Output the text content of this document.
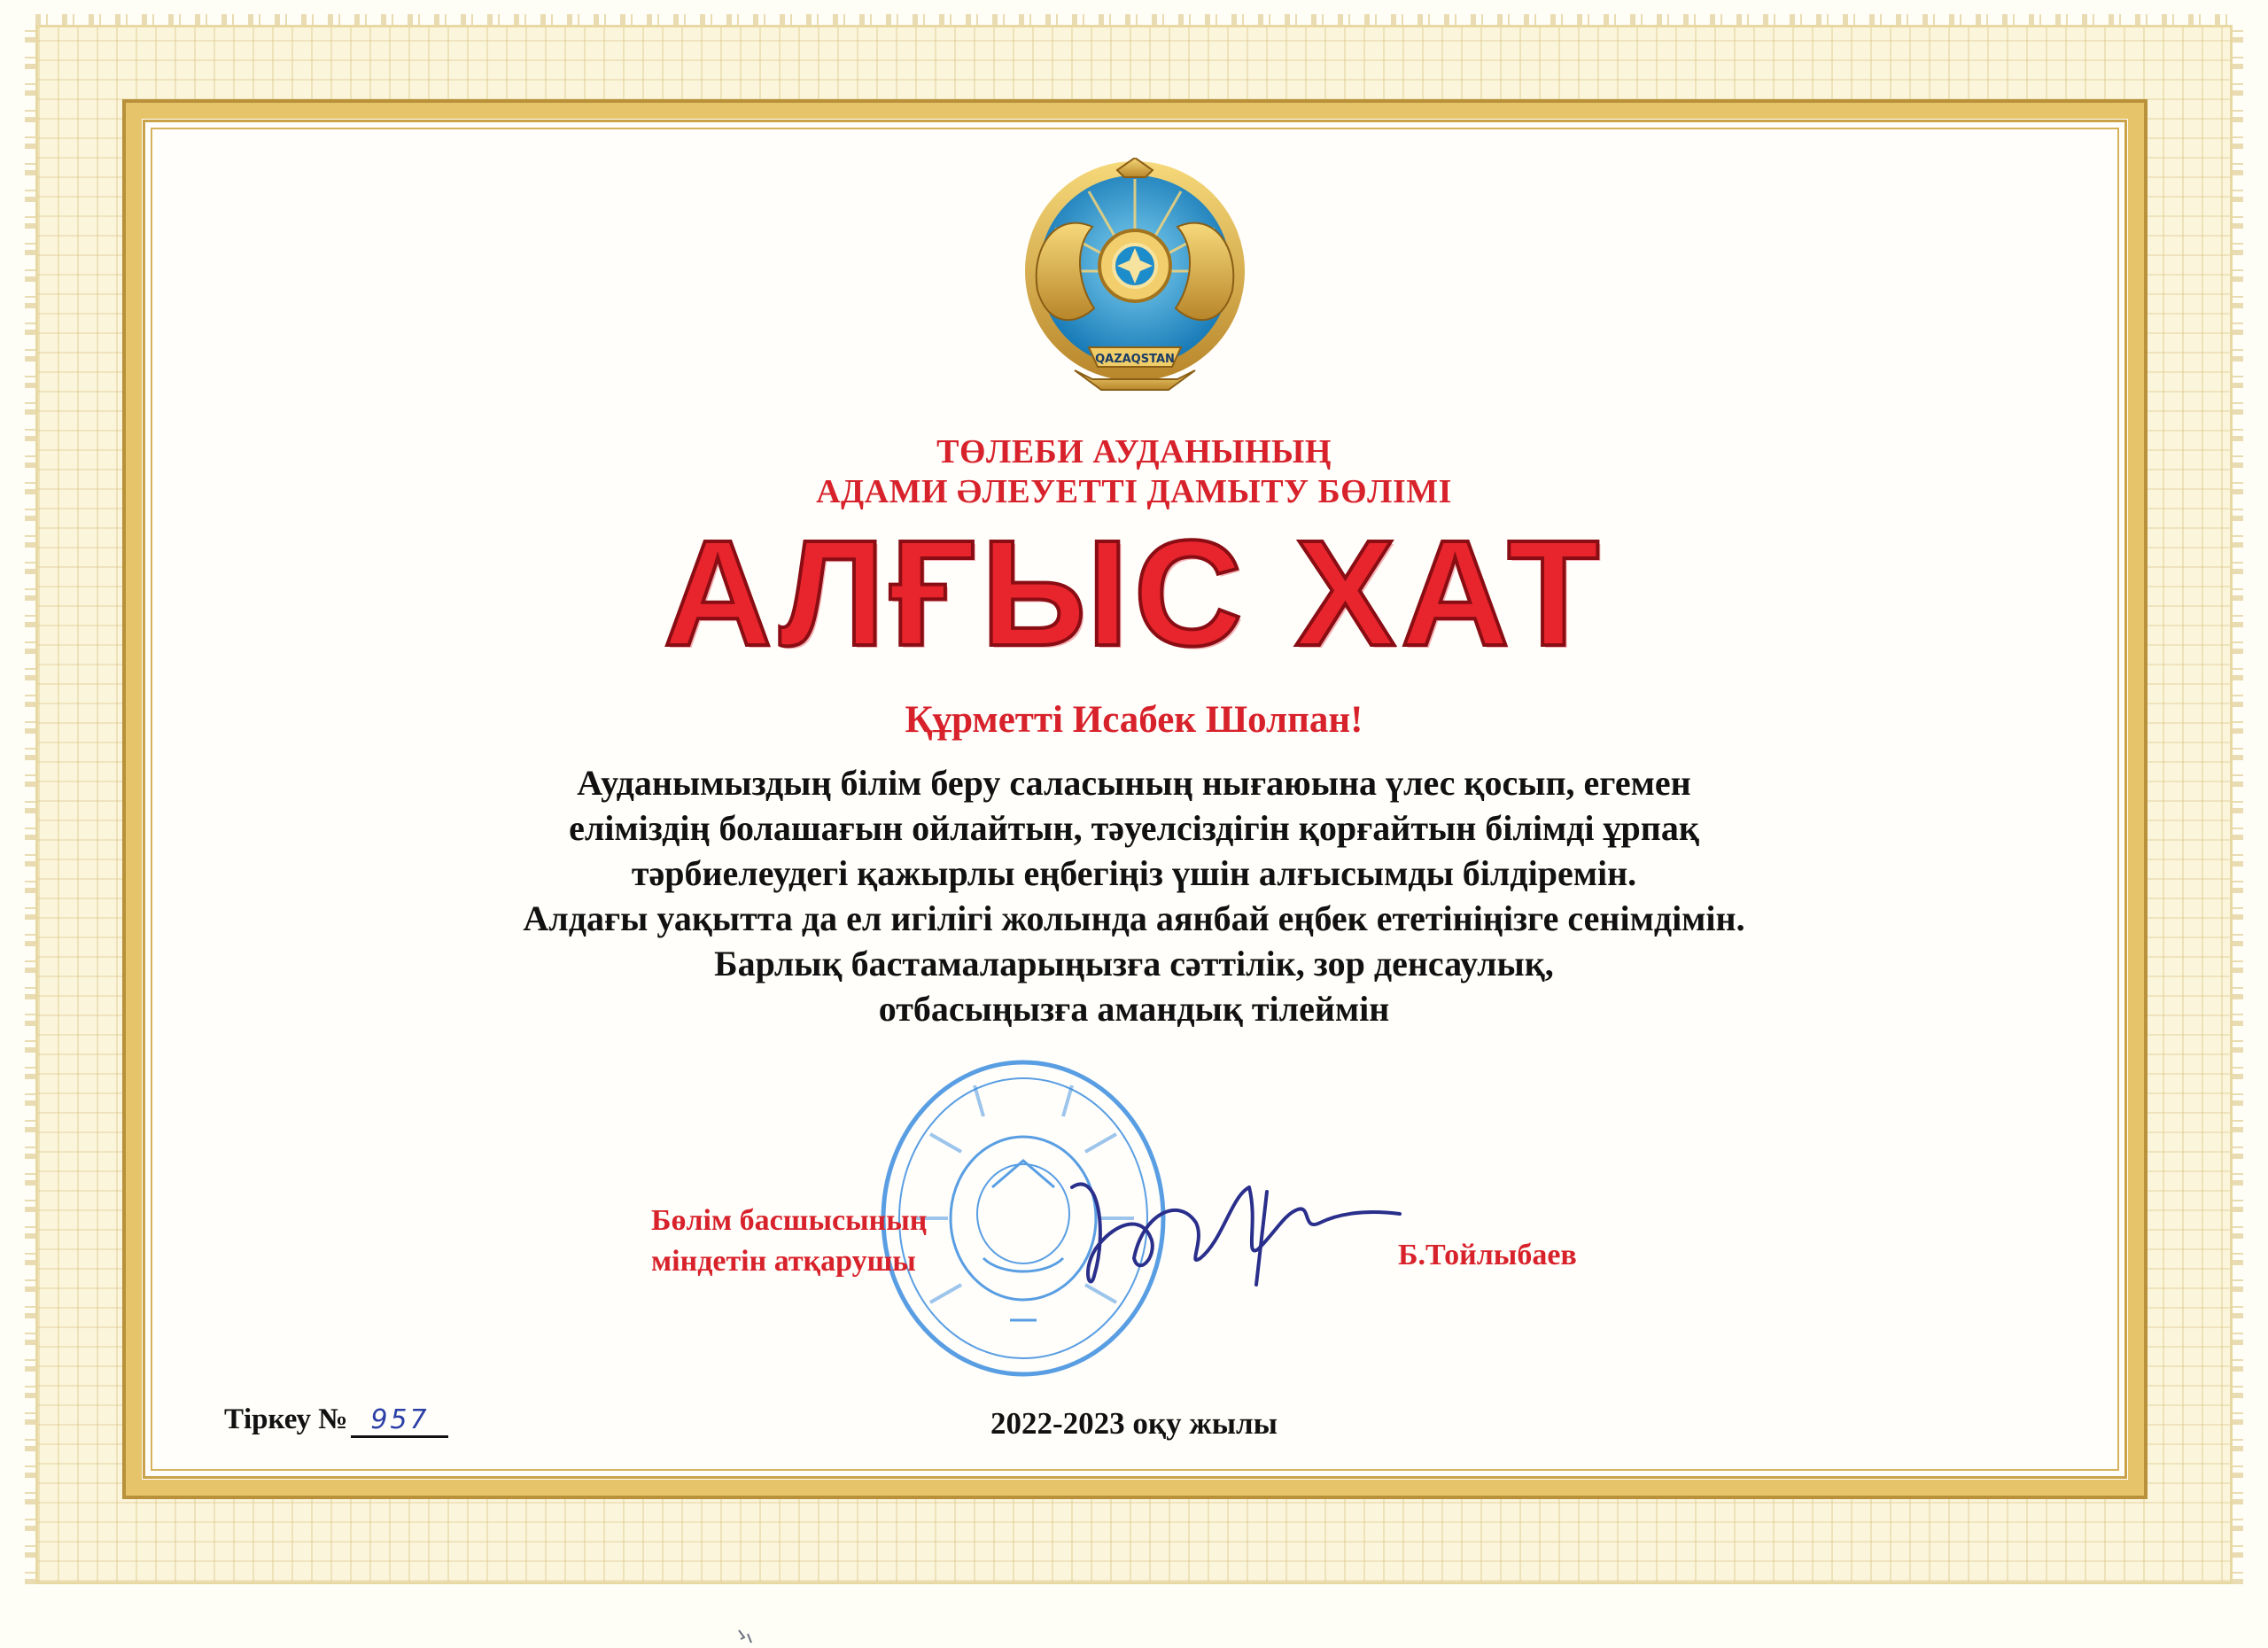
QAZAQSTAN
ТӨЛЕБИ АУДАНЫНЫҢ
АДАМИ ӘЛЕУЕТТІ ДАМЫТУ БӨЛІМІ
АЛҒЫС ХАТ
Құрметті Исабек Шолпан!
Ауданымыздың білім беру саласының нығаюына үлес қосып, егемен
еліміздің болашағын ойлайтын, тәуелсіздігін қорғайтын білімді ұрпақ
тәрбиелеудегі қажырлы еңбегіңіз үшін алғысымды білдіремін.
Алдағы уақытта да ел игілігі жолында аянбай еңбек ететініңізге сенімдімін.
Барлық бастамаларыңызға сәттілік, зор денсаулық,
отбасыңызға амандық тілеймін
Бөлім басшысының
міндетін атқарушы	Б.Тойлыбаев
Тіркеу № 957	2022-2023 оқу жылы
